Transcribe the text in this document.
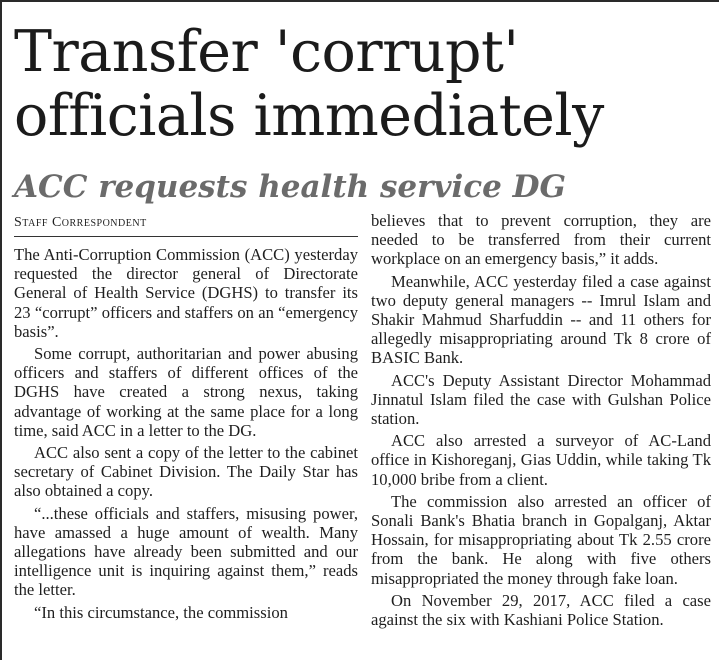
Transfer 'corrupt' officials immediately
ACC requests health service DG
Staff Correspondent

The Anti-Corruption Commission (ACC) yesterday requested the director general of Directorate General of Health Service (DGHS) to transfer its 23 “corrupt” officers and staffers on an “emergency basis”.

Some corrupt, authoritarian and power abusing officers and staffers of different offices of the DGHS have created a strong nexus, taking advantage of working at the same place for a long time, said ACC in a letter to the DG.

ACC also sent a copy of the letter to the cabinet secretary of Cabinet Division. The Daily Star has also obtained a copy.

“...these officials and staffers, misusing power, have amassed a huge amount of wealth. Many allegations have already been submitted and our intelligence unit is inquiring against them,” reads the letter.

“In this circumstance, the commission

believes that to prevent corruption, they are needed to be transferred from their current workplace on an emergency basis,” it adds.

Meanwhile, ACC yesterday filed a case against two deputy general managers -- Imrul Islam and Shakir Mahmud Sharfuddin -- and 11 others for allegedly misappropriating around Tk 8 crore of BASIC Bank.

ACC's Deputy Assistant Director Mohammad Jinnatul Islam filed the case with Gulshan Police station.

ACC also arrested a surveyor of AC-Land office in Kishoreganj, Gias Uddin, while taking Tk 10,000 bribe from a client.

The commission also arrested an officer of Sonali Bank's Bhatia branch in Gopalganj, Aktar Hossain, for misappropriating about Tk 2.55 crore from the bank. He along with five others misappropriated the money through fake loan.

On November 29, 2017, ACC filed a case against the six with Kashiani Police Station.
